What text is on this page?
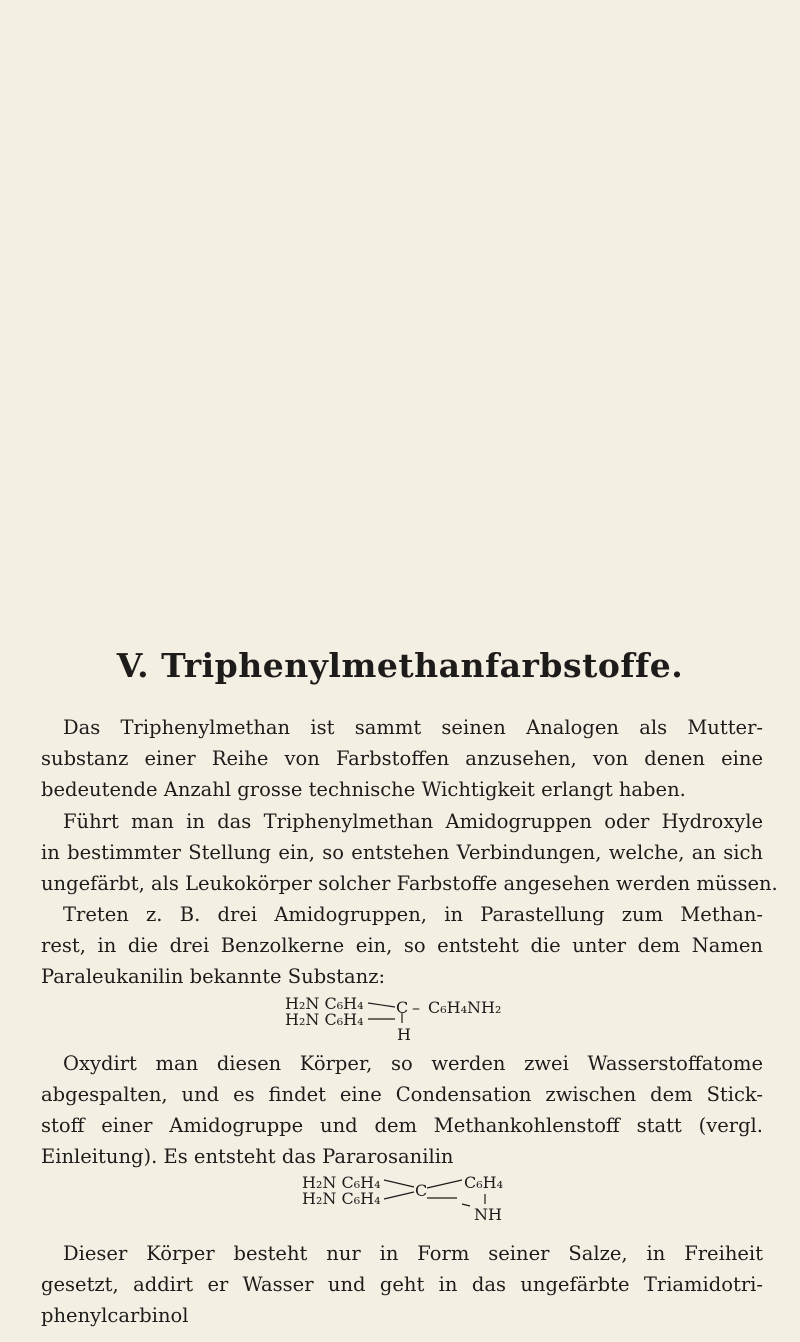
V. Triphenylmethanfarbstoffe.
Das Triphenylmethan ist sammt seinen Analogen als Mutter-
substanz einer Reihe von Farbstoffen anzusehen, von denen eine
bedeutende Anzahl grosse technische Wichtigkeit erlangt haben.
Führt man in das Triphenylmethan Amidogruppen oder Hydroxyle
in bestimmter Stellung ein, so entstehen Verbindungen, welche, an sich
ungefärbt, als Leukokörper solcher Farbstoffe angesehen werden müssen.
Treten z. B. drei Amidogruppen, in Parastellung zum Methan-
rest, in die drei Benzolkerne ein, so entsteht die unter dem Namen
Paraleukanilin bekannte Substanz:
H₂N C₆H₄
H₂N C₆H₄
C – C₆H₄NH₂
H
Oxydirt man diesen Körper, so werden zwei Wasserstoffatome
abgespalten, und es findet eine Condensation zwischen dem Stick-
stoff einer Amidogruppe und dem Methankohlenstoff statt (vergl.
Einleitung). Es entsteht das Pararosanilin
H₂N C₆H₄
H₂N C₆H₄ C C₆H₄
NH
Dieser Körper besteht nur in Form seiner Salze, in Freiheit
gesetzt, addirt er Wasser und geht in das ungefärbte Triamidotri-
phenylcarbinol
